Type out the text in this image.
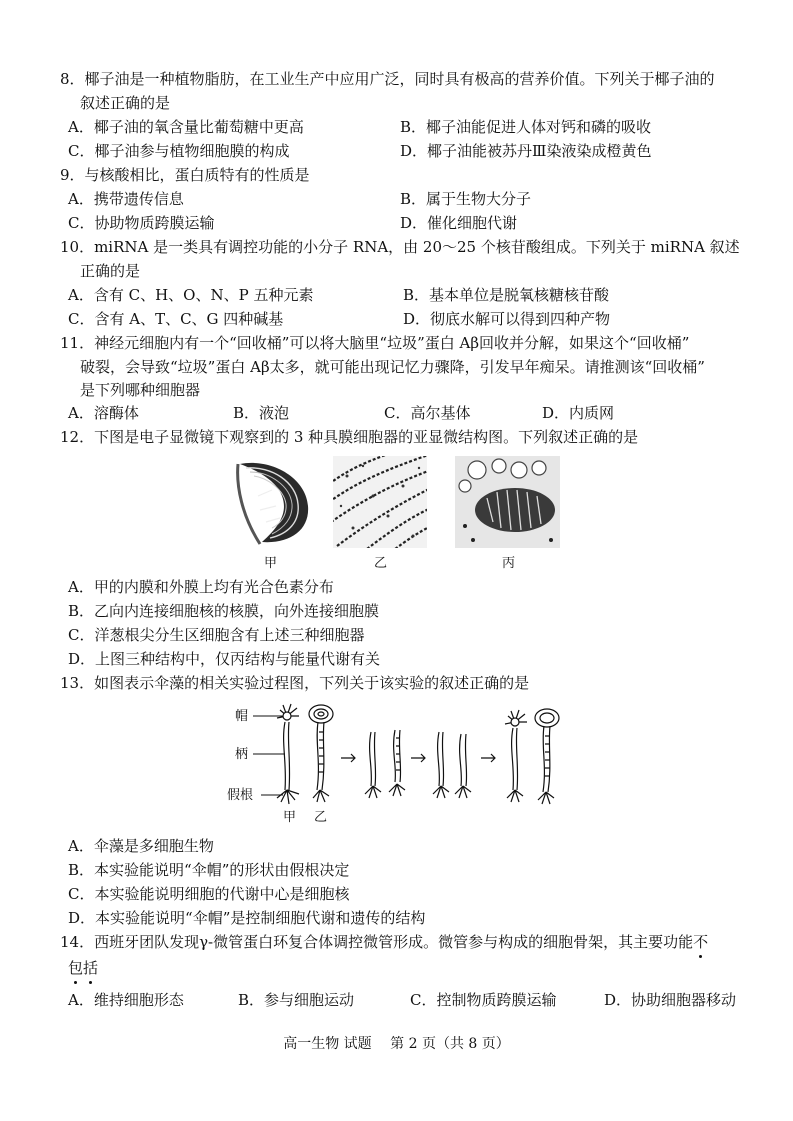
8．椰子油是一种植物脂肪，在工业生产中应用广泛，同时具有极高的营养价值。下列关于椰子油的
叙述正确的是
A．椰子油的氧含量比葡萄糖中更高	B．椰子油能促进人体对钙和磷的吸收
C．椰子油参与植物细胞膜的构成	D．椰子油能被苏丹Ⅲ染液染成橙黄色
9．与核酸相比，蛋白质特有的性质是
A．携带遗传信息	B．属于生物大分子
C．协助物质跨膜运输	D．催化细胞代谢
10．miRNA 是一类具有调控功能的小分子 RNA，由 20～25 个核苷酸组成。下列关于 miRNA 叙述
正确的是
A．含有 C、H、O、N、P 五种元素	B．基本单位是脱氧核糖核苷酸
C．含有 A、T、C、G 四种碱基	D．彻底水解可以得到四种产物
11．神经元细胞内有一个“回收桶”可以将大脑里“垃圾”蛋白 Aβ回收并分解，如果这个“回收桶”
破裂，会导致“垃圾”蛋白 Aβ太多，就可能出现记忆力骤降，引发早年痴呆。请推测该“回收桶”
是下列哪种细胞器
A．溶酶体	B．液泡	C．高尔基体	D．内质网
12．下图是电子显微镜下观察到的 3 种具膜细胞器的亚显微结构图。下列叙述正确的是
甲	乙	丙
A．甲的内膜和外膜上均有光合色素分布
B．乙向内连接细胞核的核膜，向外连接细胞膜
C．洋葱根尖分生区细胞含有上述三种细胞器
D．上图三种结构中，仅丙结构与能量代谢有关
13．如图表示伞藻的相关实验过程图，下列关于该实验的叙述正确的是
帽
柄
假根
甲 乙
A．伞藻是多细胞生物
B．本实验能说明“伞帽”的形状由假根决定
C．本实验能说明细胞的代谢中心是细胞核
D．本实验能说明“伞帽”是控制细胞代谢和遗传的结构
14．西班牙团队发现γ-微管蛋白环复合体调控微管形成。微管参与构成的细胞骨架，其主要功能不
包括
A．维持细胞形态	B．参与细胞运动	C．控制物质跨膜运输	D．协助细胞器移动
高一生物 试题　 第 2 页（共 8 页）
